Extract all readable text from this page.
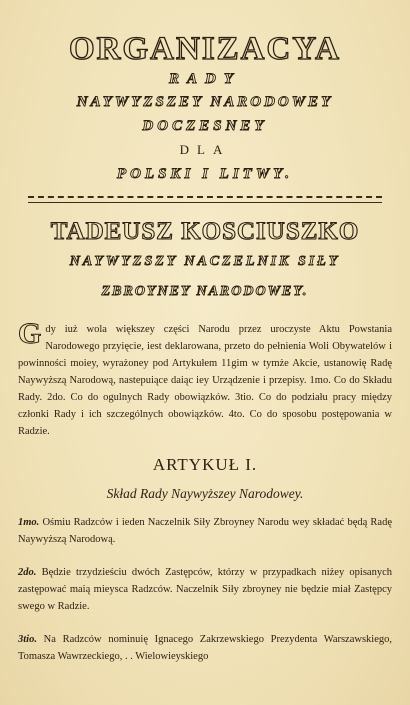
ORGANIZACYA

RADY

NAYWYZSZEY NARODOWEY

DOCZESNEY

DLA

POLSKI I LITWY.

TADEUSZ KOSCIUSZKO

NAYWYZSZY NACZELNIK SIŁY

ZBROYNEY NARODOWEY.

Gdy iuż wola większey części Narodu przez uroczyste Aktu Powstania Narodowego przyięcie, iest deklarowana, przeto do pełnienia Woli Obywatelów i powinności moiey, wyrażoney pod Artykułem 11gim w tymże Akcie, ustanowię Radę Naywyższą Narodową, nastepuiące daiąc iey Urządzenie i przepisy. 1mo. Co do Składu Rady. 2do. Co do ogulnych Rady obowiązków. 3tio. Co do podziału pracy między członki Rady i ich szczególnych obowiązków. 4to. Co do sposobu postępowania w Radzie.

ARTYKUŁ I.

Skład Rady Naywyższey Narodowey.

1mo. Ośmiu Radzców i ieden Naczelnik Siły Zbroyney Narodu wey składać będą Radę Naywyższą Narodową.

2do. Będzie trzydzieściu dwóch Zastępców, którzy w przypadkach niżey opisanych zastępować maią mieysca Radzców. Naczelnik Siły zbroyney nie będzie miał Zastępcy swego w Radzie.

3tio. Na Radzców nominuię Ignacego Zakrzewskiego Prezydenta Warszawskiego, Tomasza Wawrzeckiego, . . Wielowieyskiego
